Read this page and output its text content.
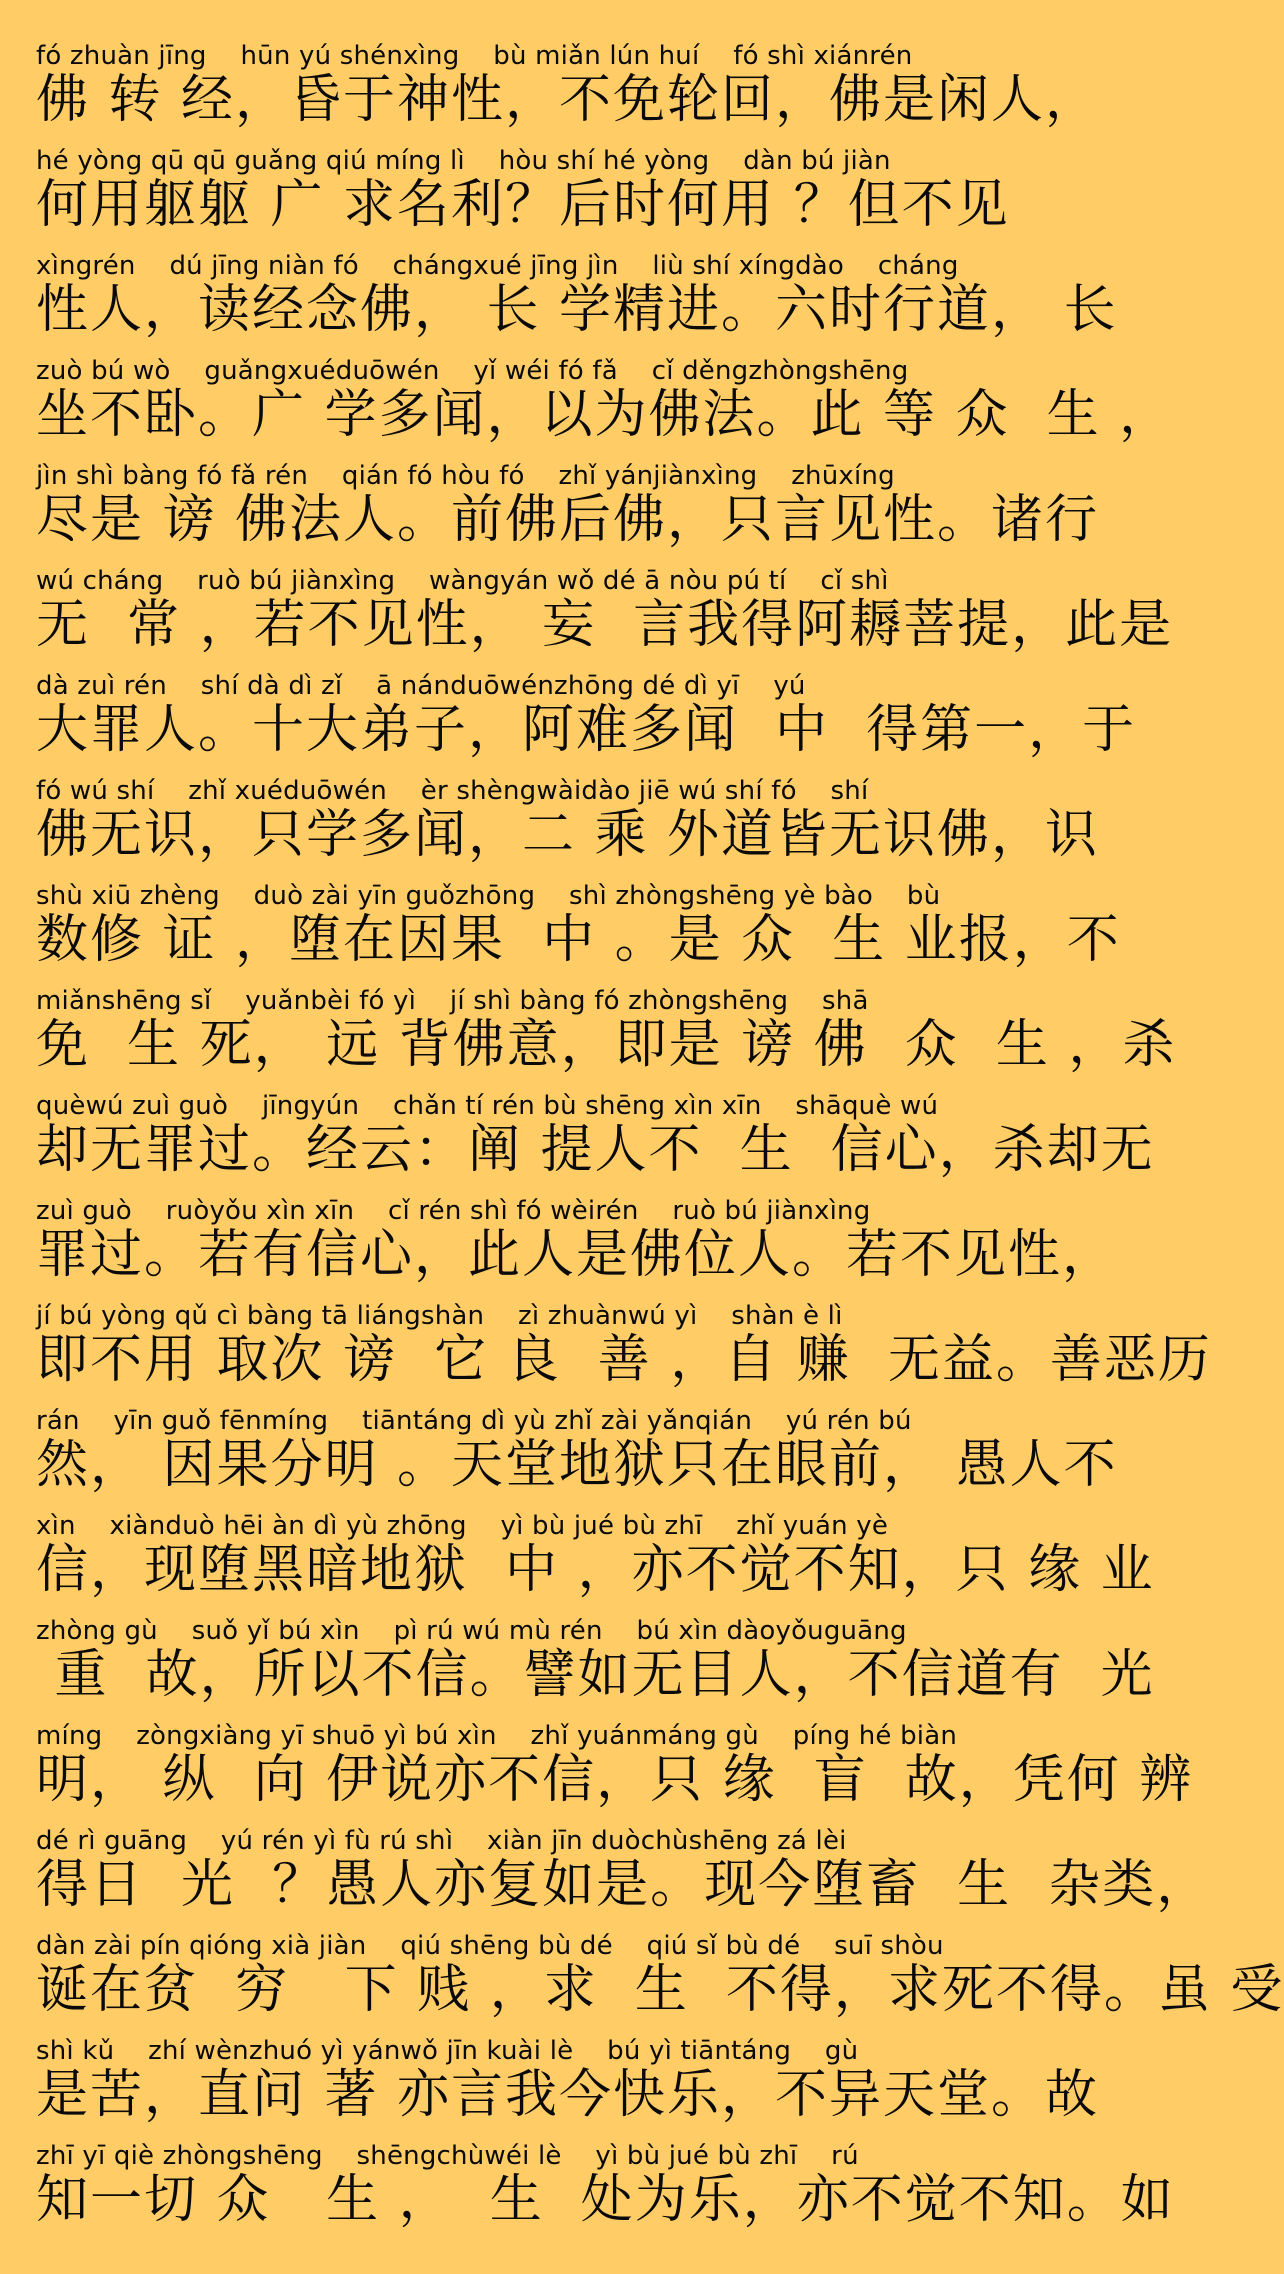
fó zhuàn jīng    hūn yú shénxìng    bù miǎn lún huí    fó shì xiánrén
佛 转 经，昏于神性，不免轮回，佛是闲人，
hé yòng qū qū guǎng qiú míng lì    hòu shí hé yòng    dàn bú jiàn
何用躯躯 广 求名利？后时何用 ？但不见
xìngrén    dú jīng niàn fó    chángxué jīng jìn    liù shí xíngdào    cháng
性人，读经念佛， 长 学精进。六时行道， 长
zuò bú wò    guǎngxuéduōwén    yǐ wéi fó fǎ    cǐ děngzhòngshēng
坐不卧。广 学多闻，以为佛法。此 等 众  生 ，
jìn shì bàng fó fǎ rén    qián fó hòu fó    zhǐ yánjiànxìng    zhūxíng
尽是 谤 佛法人。前佛后佛，只言见性。诸行
wú cháng    ruò bú jiànxìng    wàngyán wǒ dé ā nòu pú tí    cǐ shì
无  常 ，若不见性， 妄  言我得阿耨菩提，此是
dà zuì rén    shí dà dì zǐ    ā nánduōwénzhōng dé dì yī    yú
大罪人。十大弟子，阿难多闻  中  得第一，于
fó wú shí    zhǐ xuéduōwén    èr shèngwàidào jiē wú shí fó    shí
佛无识，只学多闻，二 乘 外道皆无识佛，识
shù xiū zhèng    duò zài yīn guǒzhōng    shì zhòngshēng yè bào    bù
数修 证 ，堕在因果  中 。是 众  生 业报，不
miǎnshēng sǐ    yuǎnbèi fó yì    jí shì bàng fó zhòngshēng    shā
免  生 死， 远 背佛意，即是 谤 佛  众  生 ，杀
quèwú zuì guò    jīngyún    chǎn tí rén bù shēng xìn xīn    shāquè wú
却无罪过。经云：阐 提人不  生  信心，杀却无
zuì guò    ruòyǒu xìn xīn    cǐ rén shì fó wèirén    ruò bú jiànxìng
罪过。若有信心，此人是佛位人。若不见性，
jí bú yòng qǔ cì bàng tā liángshàn    zì zhuànwú yì    shàn è lì
即不用 取次 谤  它 良  善 ，自 赚  无益。善恶历
rán    yīn guǒ fēnmíng    tiāntáng dì yù zhǐ zài yǎnqián    yú rén bú
然， 因果分明 。天堂地狱只在眼前， 愚人不
xìn    xiànduò hēi àn dì yù zhōng    yì bù jué bù zhī    zhǐ yuán yè
信，现堕黑暗地狱  中 ，亦不觉不知，只 缘 业
zhòng gù    suǒ yǐ bú xìn    pì rú wú mù rén    bú xìn dàoyǒuguāng
重  故，所以不信。譬如无目人，不信道有  光
míng    zòngxiàng yī shuō yì bú xìn    zhǐ yuánmáng gù    píng hé biàn
明， 纵  向 伊说亦不信，只 缘  盲  故，凭何 辨
dé rì guāng    yú rén yì fù rú shì    xiàn jīn duòchùshēng zá lèi
得日  光  ？愚人亦复如是。现今堕畜  生  杂类，
dàn zài pín qióng xià jiàn    qiú shēng bù dé    qiú sǐ bù dé    suī shòu
诞在贫  穷   下 贱 ，求  生  不得，求死不得。虽 受
shì kǔ    zhí wènzhuó yì yánwǒ jīn kuài lè    bú yì tiāntáng    gù
是苦，直问 著 亦言我今快乐，不异天堂。故
zhī yī qiè zhòngshēng    shēngchùwéi lè    yì bù jué bù zhī    rú
知一切 众   生 ，  生  处为乐，亦不觉不知。如
